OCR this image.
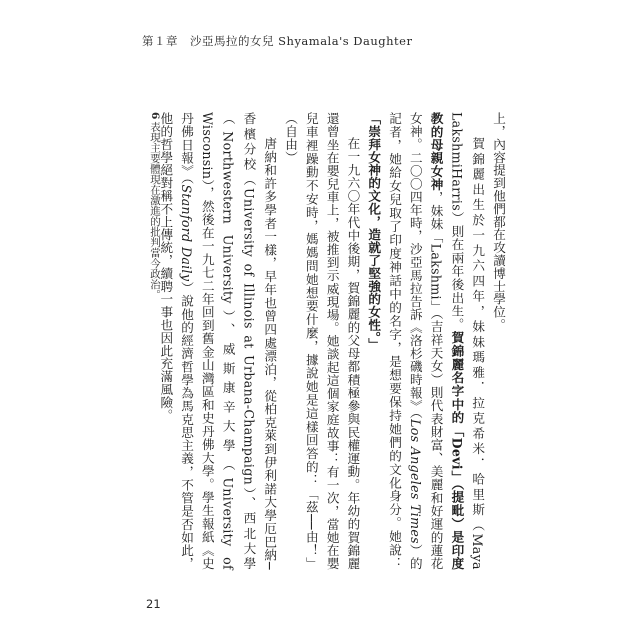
第１章　沙亞馬拉的女兒 Shyamala's Daughter
6表現主要體現在激進的批判當今政治。	上，內容提到他們都在攻讀博士學位。

賀錦麗出生於一九六四年，妹妹瑪雅．拉克希米．哈里斯（Maya LakshmiHarris）則在兩年後出生。賀錦麗名字中的「Devi」（提毗）是印度教的母親女神，妹妹「Lakshmi」（吉祥天女）則代表財富、美麗和好運的蓮花女神。二〇〇四年時，沙亞馬拉告訴《洛杉磯時報》（Los Angeles Times）的記者，她給女兒取了印度神話中的名字，是想要保持她們的文化身分。她說：「崇拜女神的文化，造就了堅強的女性。」

在一九六〇年代中後期，賀錦麗的父母都積極參與民權運動。年幼的賀錦麗還曾坐在嬰兒車上，被推到示威現場。她談起這個家庭故事：有一次，當她在嬰兒車裡躁動不安時，媽媽問她想要什麼，據說她是這樣回答的：「茲──由！」（自由）

唐納和許多學者一樣，早年也曾四處漂泊，從柏克萊到伊利諾大學厄巴納─香檳分校（University of Illinois at Urbana-Champaign）、西北大學（Northwestern University）、威斯康辛大學（University of Wisconsin），然後在一九七二年回到舊金山灣區和史丹佛大學。學生報紙《史丹佛日報》（Stanford Daily）說他的經濟哲學為馬克思主義，不管是否如此，他的哲學絕對稱不上傳統，續聘一事也因此充滿風險。

21
